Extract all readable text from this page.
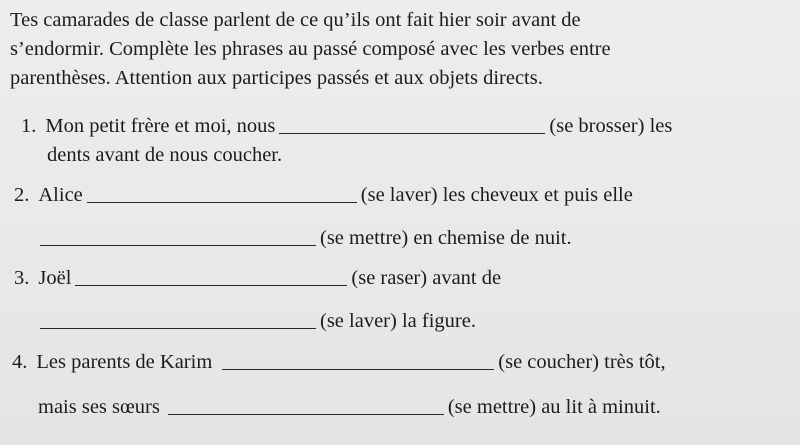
Tes camarades de classe parlent de ce qu’ils ont fait hier soir avant de
s’endormir. Complète les phrases au passé composé avec les verbes entre
parenthèses. Attention aux participes passés et aux objets directs.

1. Mon petit frère et moi, nous	(se brosser) les
dents avant de nous coucher.
2. Alice	(se laver) les cheveux et puis elle
(se mettre) en chemise de nuit.
3. Joël	(se raser) avant de
(se laver) la figure.
4. Les parents de Karim	(se coucher) très tôt,
mais ses sœurs	(se mettre) au lit à minuit.
